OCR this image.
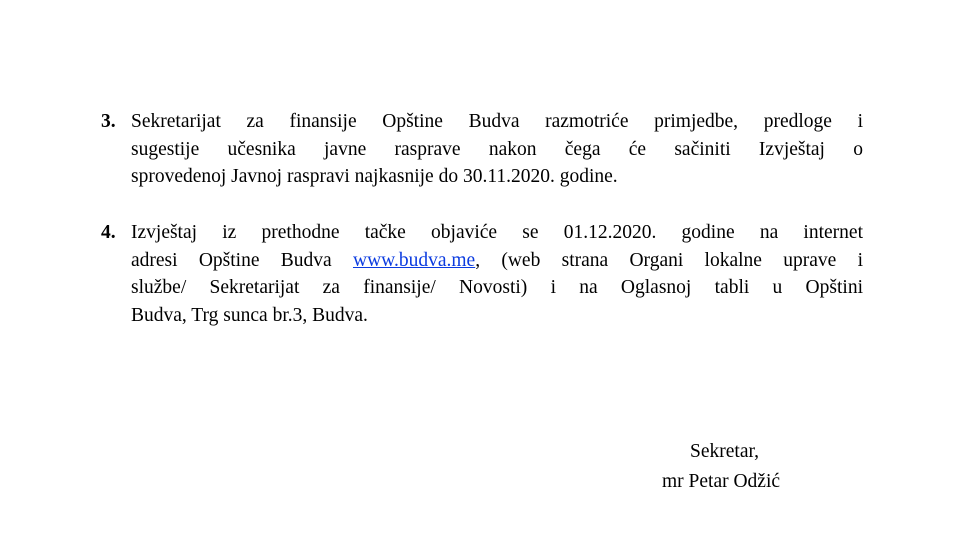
3. Sekretarijat za finansije Opštine Budva razmotriće primjedbe, predloge i
sugestije učesnika javne rasprave nakon čega će sačiniti Izvještaj o
sprovedenoj Javnoj raspravi najkasnije do 30.11.2020. godine.
4. Izvještaj iz prethodne tačke objaviće se 01.12.2020. godine na internet
adresi Opštine Budva www.budva.me, (web strana Organi lokalne uprave i
službe/ Sekretarijat za finansije/ Novosti) i na Oglasnoj tabli u Opštini
Budva, Trg sunca br.3, Budva.
Sekretar,
mr Petar Odžić
